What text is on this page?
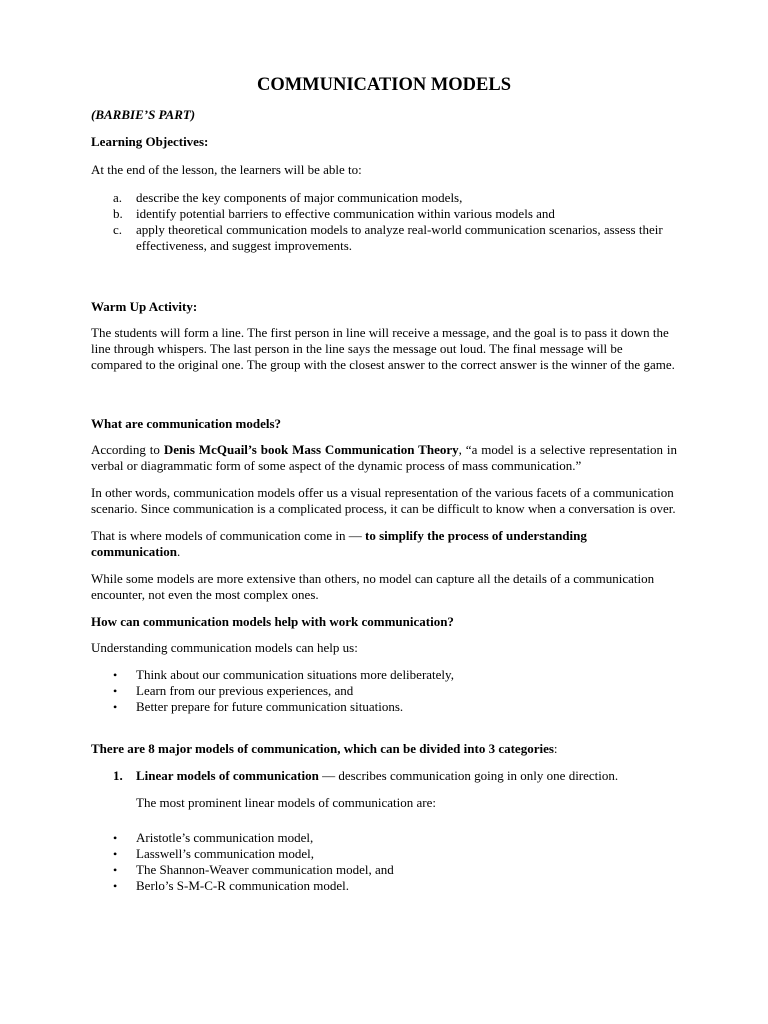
COMMUNICATION MODELS

(BARBIE’S PART)

Learning Objectives:

At the end of the lesson, the learners will be able to:

a. describe the key components of major communication models,
b. identify potential barriers to effective communication within various models and
c. apply theoretical communication models to analyze real-world communication scenarios, assess their effectiveness, and suggest improvements.

Warm Up Activity:

The students will form a line. The first person in line will receive a message, and the goal is to pass it down the line through whispers. The last person in the line says the message out loud. The final message will be compared to the original one. The group with the closest answer to the correct answer is the winner of the game.

What are communication models?

According to Denis McQuail’s book Mass Communication Theory, “a model is a selective representation in verbal or diagrammatic form of some aspect of the dynamic process of mass communication.”

In other words, communication models offer us a visual representation of the various facets of a communication scenario. Since communication is a complicated process, it can be difficult to know when a conversation is over.

That is where models of communication come in — to simplify the process of understanding communication.

While some models are more extensive than others, no model can capture all the details of a communication encounter, not even the most complex ones.

How can communication models help with work communication?

Understanding communication models can help us:

• Think about our communication situations more deliberately,
• Learn from our previous experiences, and
• Better prepare for future communication situations.

There are 8 major models of communication, which can be divided into 3 categories:

1. Linear models of communication — describes communication going in only one direction.

The most prominent linear models of communication are:

• Aristotle’s communication model,
• Lasswell’s communication model,
• The Shannon-Weaver communication model, and
• Berlo’s S-M-C-R communication model.
